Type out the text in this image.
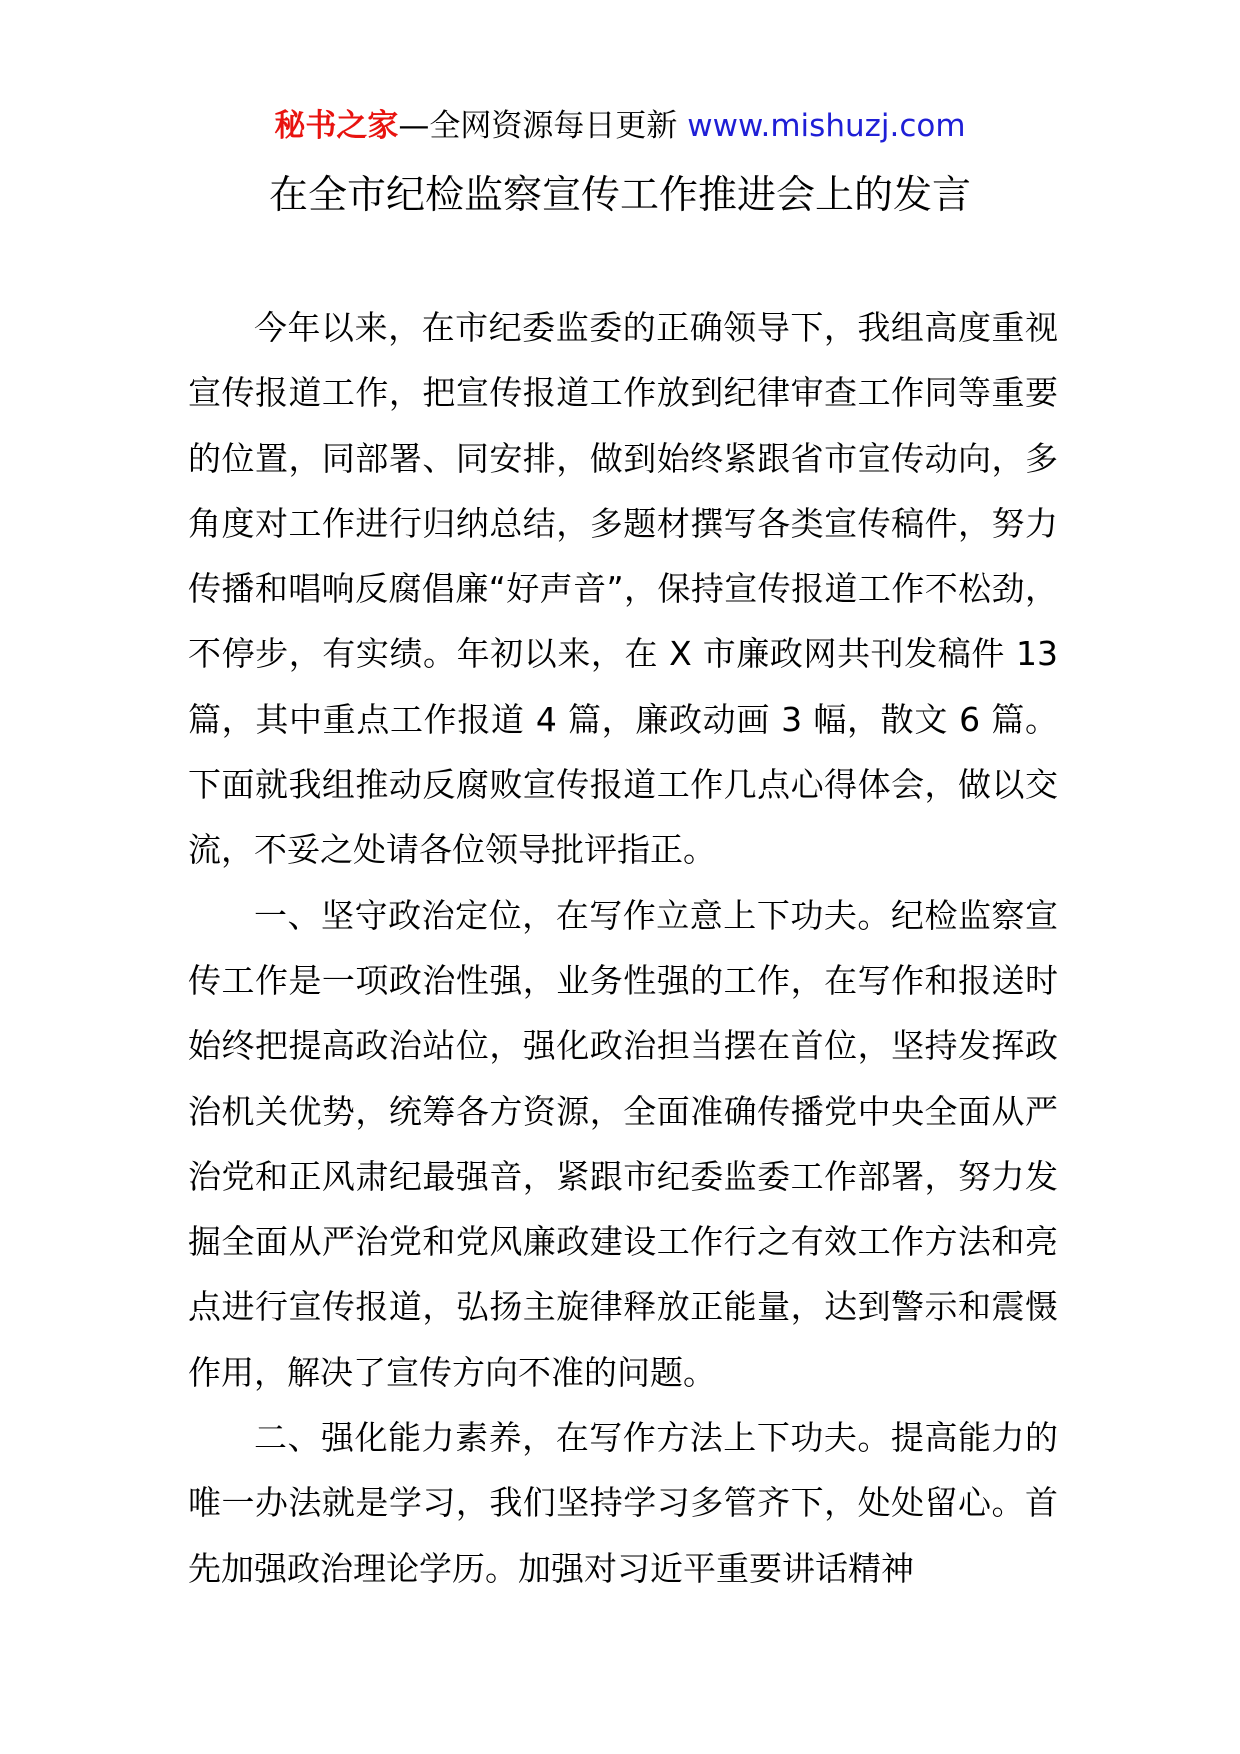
秘书之家—全网资源每日更新 www.mishuzj.com
在全市纪检监察宣传工作推进会上的发言

今年以来，在市纪委监委的正确领导下，我组高度重视宣传报道工作，把宣传报道工作放到纪律审查工作同等重要的位置，同部署、同安排，做到始终紧跟省市宣传动向，多角度对工作进行归纳总结，多题材撰写各类宣传稿件，努力传播和唱响反腐倡廉“好声音”，保持宣传报道工作不松劲，不停步，有实绩。年初以来，在 X 市廉政网共刊发稿件 13 篇，其中重点工作报道 4 篇，廉政动画 3 幅，散文 6 篇。下面就我组推动反腐败宣传报道工作几点心得体会，做以交流，不妥之处请各位领导批评指正。

一、坚守政治定位，在写作立意上下功夫。纪检监察宣传工作是一项政治性强，业务性强的工作，在写作和报送时始终把提高政治站位，强化政治担当摆在首位，坚持发挥政治机关优势，统筹各方资源，全面准确传播党中央全面从严治党和正风肃纪最强音，紧跟市纪委监委工作部署，努力发掘全面从严治党和党风廉政建设工作行之有效工作方法和亮点进行宣传报道，弘扬主旋律释放正能量，达到警示和震慑作用，解决了宣传方向不准的问题。

二、强化能力素养，在写作方法上下功夫。提高能力的唯一办法就是学习，我们坚持学习多管齐下，处处留心。首先加强政治理论学历。加强对习近平重要讲话精神
